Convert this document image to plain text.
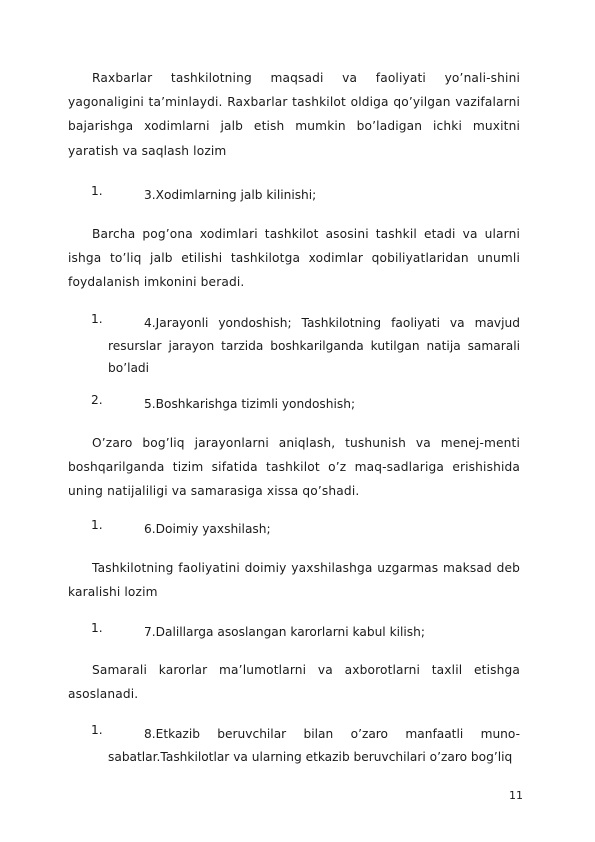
Raxbarlar tashkilotning maqsadi va faoliyati yo’nali-shini yagonaligini ta’minlaydi. Raxbarlar tashkilot oldiga qo’yilgan vazifalarni bajarishga xodimlarni jalb etish mumkin bo’ladigan ichki muxitni yaratish va saqlash lozim
1.	3.Xodimlarning jalb kilinishi;
Barcha pog’ona xodimlari tashkilot asosini tashkil etadi va ularni ishga to’liq jalb etilishi tashkilotga xodimlar qobiliyatlaridan unumli foydalanish imkonini beradi.
1.	4.Jarayonli yondoshish; Tashkilotning faoliyati va mavjud resurslar jarayon tarzida boshkarilganda kutilgan natija samarali bo’ladi
2.	5.Boshkarishga tizimli yondoshish;
O’zaro bog’liq jarayonlarni aniqlash, tushunish va menej-menti boshqarilganda tizim sifatida tashkilot o’z maq-sadlariga erishishida uning natijaliligi va samarasiga xissa qo’shadi.
1.	6.Doimiy yaxshilash;
Tashkilotning faoliyatini doimiy yaxshilashga uzgarmas maksad deb karalishi lozim
1.	7.Dalillarga asoslangan karorlarni kabul kilish;
Samarali karorlar ma’lumotlarni va axborotlarni taxlil etishga asoslanadi.
1.	8.Etkazib beruvchilar bilan o’zaro manfaatli muno-sabatlar.Tashkilotlar va ularning etkazib beruvchilari o’zaro bog’liq
11
